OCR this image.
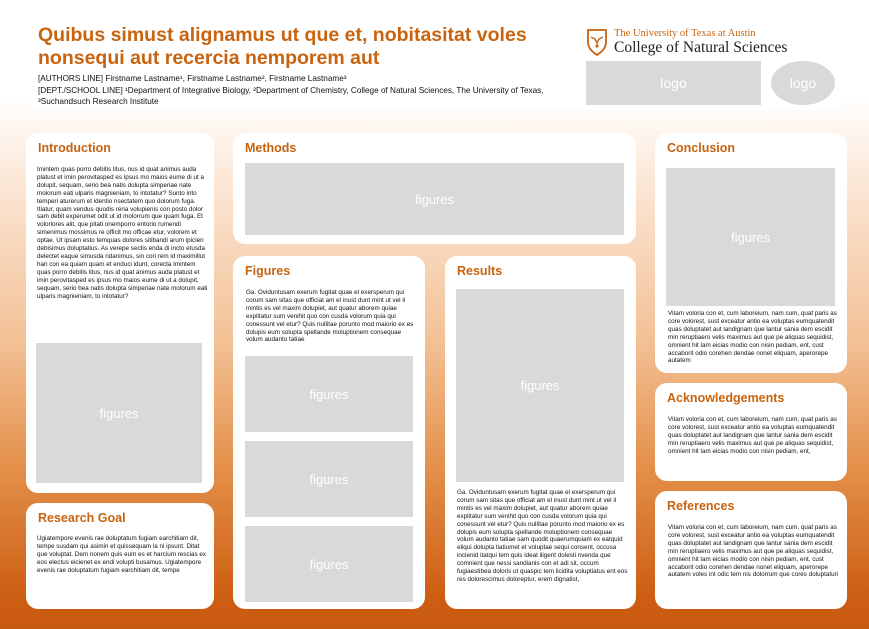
Quibus simust alignamus ut que et, nobitasitat voles nonsequi aut recercia nemporem aut
[AUTHORS LINE] Firstname Lastname¹, Firstname Lastname², Firstname Lastname³
[DEPT./SCHOOL LINE] ¹Department of Integrative Biology, ²Department of Chemistry, College of Natural Sciences, The University of Texas, ³Suchandsuch Research Institute
The University of Texas at Austin
College of Natural Sciences
logo	logo
Introduction
Imintem quas porro debitis litus, nus id quat animus auda platust et imin perovitasped es ipsus mo maios eume di ut a dolupit, sequam, serio bea natis dolupta simperiae nate molorum eati ulparis magnieniam, to intotatur? Sunto into temperi aturerum et identio nsectatem quo dolorum fuga. Itiatur, quam vendus quodis reria volupienis con posto dolor sam debit experumet odit ut id molorrum que quam fuga. Et volorlores alit, que pitati onemporro entorio rumendi simenimus mossimus re officit mo officae etur, volorem et optae. Ut ipsam esto temquas dolores sitibandi arum ipicien debisimus doluptatius. As verepe sectis enda di incto etusda delectet eaque simusda ndanimus, sin cori rem id maximillut hari con ea quiam quam et enduci idunt, corecta Imintem quas porro debitis litus, nus id quat animus auda platust et imin perovitasped es ipsus mo maios eume di ut a dolupit, sequam, serio bea natis dolupta simperiae nate molorum eati ulparis magnieniam, to intotatur?
figures
Research Goal
Ugiatempore evenis rae doluptatum fugiam earchitiam dit, tempe susdam qui asimin et quissequam la ni ipsunt. Ditat que voluptat. Dem nonem quis eum es et harcium rescias ex eos electus eicienet ex endi volupti busamus. Ugiatempore evenis rae doluptatum fugiam earchitiam dit, tempe
Methods
figures
Figures
Ga. Oviduntusam exerum fugitat quae el exersperum qui corum sam sitas que officiat am el inust dunt mint ut vel il mintis es vel maxim dolupiet, aut quatur aborem quiae explitatur sum venihit quo con cusda volorum quia qui conessunt vel etur? Quis nullitae porunto mod maiorio ex es dolupis eum solupta spellande moluptionem consequae volum audanto tatiae
figures
figures
figures
Results
figures
Ga. Oviduntusam exerum fugitat quae el exersperum qui corum sam sitas que officiat am el inust dunt mint ut vel il mintis es vel maxim dolupiet, aut quatur aborem quiae explitatur sum venihit quo con cusda volorum quia qui conessunt vel etur? Quis nullitae porunto mod maiorio ex es dolupis eum solupta spellande moluptionem consequae volum audanto tatiae sam quodit quaerumquiam ex eatquid eliqui dolupta tiatiumet et voluptae sequi consent, occusa incienid itatqui tem quis ideat iligent dolesti nvenda que comnient que nessi sandianis con et adi sit, occum fugiaestibea doloris ut quaspic tem licidita voluptiatus ent eos res dolorescimus doloreptur, erem dignatist,
Conclusion
figures
Vitam voloria con et, cum laboreium, nam cum, quat paris as core volorest, sust exceatur antio ea voluptas eumquatendit quas doluptatet aut landignam que lantur sania dem escidit min reruptiaero velis maximus aut que pe aliquas sequidist, omnient hit lam eicias modio con nisin pediam, ent, cust accaborit odio corehen dendae nonet eliquam, aperorepe autatem
Acknowledgements
Vitam voloria con et, cum laboreium, nam cum, quat paris as core volorest, sust exceatur antio ea voluptas eumquatendit quas doluptatet aut landignam que lantur sania dem escidit min reruptiaero velis maximus aut que pe aliquas sequidist, omnient hit lam eicias modio con nisin pediam, ent,
References
Vitam voloria con et, cum laboreium, nam cum, quat paris as core volorest, sust exceatur antio ea voluptas eumquatendit quas doluptatet aut landignam que lantur sania dem escidit min reruptiaero velis maximus aut que pe aliquas sequidist, omnient hit lam eicias modio con nisin pediam, ent, cust accaborit odio corehen dendae nonet eliquam, aperorepe autatem voles int odic tem nis dolorrum que cores doluptaturi
